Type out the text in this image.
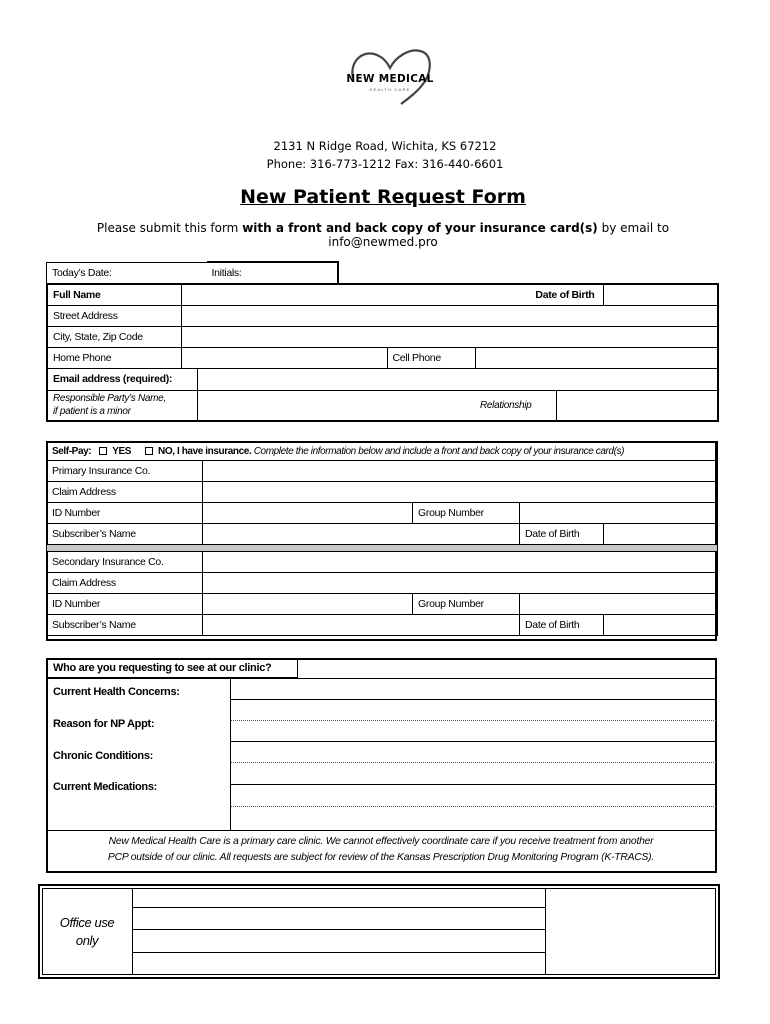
NEW MEDICAL
HEALTH CARE
2131 N Ridge Road, Wichita, KS 67212
Phone: 316-773-1212 Fax: 316-440-6601
New Patient Request Form
Please submit this form with a front and back copy of your insurance card(s) by email to
info@newmed.pro
Today’s Date:	Initials:
Full Name					Date of Birth		
Street Address							
City, State, Zip Code							
Home Phone			Cell Phone				
Email address (required):							

Responsible Party’s Name,
if patient is a minor				Relationship			
Self-Pay: YES NO, I have insurance. Complete the information below and include a front and back copy of your insurance card(s)				
Primary Insurance Co.				
Claim Address				
ID Number		Group Number		
Subscriber’s Name			Date of Birth	

Secondary Insurance Co.				
Claim Address				
ID Number		Group Number		
Subscriber’s Name			Date of Birth	
Who are you requesting to see at our clinic?
Current Health Concerns:
Reason for NP Appt:
Chronic Conditions:
Current Medications:
New Medical Health Care is a primary care clinic. We cannot effectively coordinate care if you receive treatment from another
PCP outside of our clinic. All requests are subject for review of the Kansas Prescription Drug Monitoring Program (K-TRACS).
Office use
only
